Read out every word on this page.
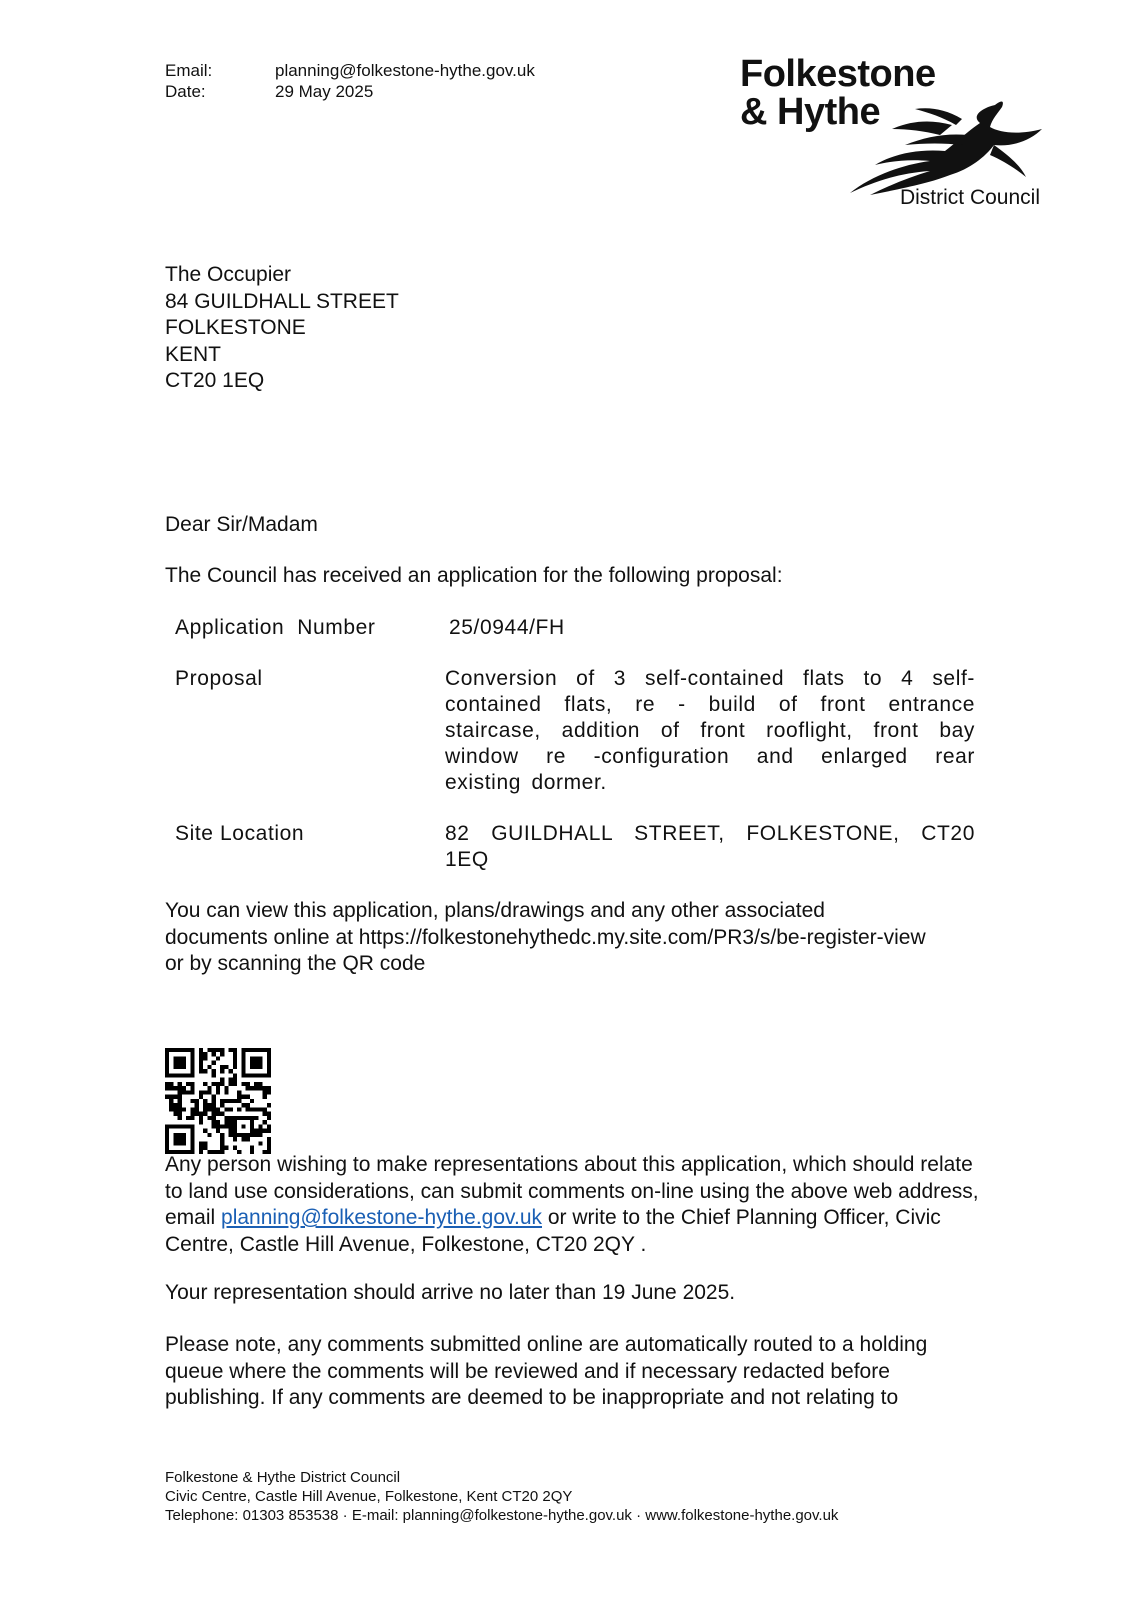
Email:	planning@folkestone-hythe.gov.uk
Date:	29 May 2025	Folkestone
& Hythe
District Council
The Occupier
84 GUILDHALL STREET
FOLKESTONE
KENT
CT20 1EQ
Dear Sir/Madam
The Council has received an application for the following proposal:
Application  Number	25/0944/FH
Proposal	Conversion of 3 self-contained flats to 4 self-contained flats, re - build of front entrance staircase, addition of front rooflight, front bay window re -configuration and enlarged rear existing dormer.
Site Location	82 GUILDHALL STREET, FOLKESTONE, CT20 1EQ
You can view this application, plans/drawings and any other associated
documents online at https://folkestonehythedc.my.site.com/PR3/s/be-register-view
or by scanning the QR code
Any person wishing to make representations about this application, which should relate to land use considerations, can submit comments on-line using the above web address, email planning@folkestone-hythe.gov.uk or write to the Chief Planning Officer, Civic Centre, Castle Hill Avenue, Folkestone, CT20 2QY .
Your representation should arrive no later than 19 June 2025.
Please note, any comments submitted online are automatically routed to a holding
queue where the comments will be reviewed and if necessary redacted before
publishing. If any comments are deemed to be inappropriate and not relating to
Folkestone & Hythe District Council
Civic Centre, Castle Hill Avenue, Folkestone, Kent CT20 2QY
Telephone: 01303 853538 · E-mail: planning@folkestone-hythe.gov.uk · www.folkestone-hythe.gov.uk
